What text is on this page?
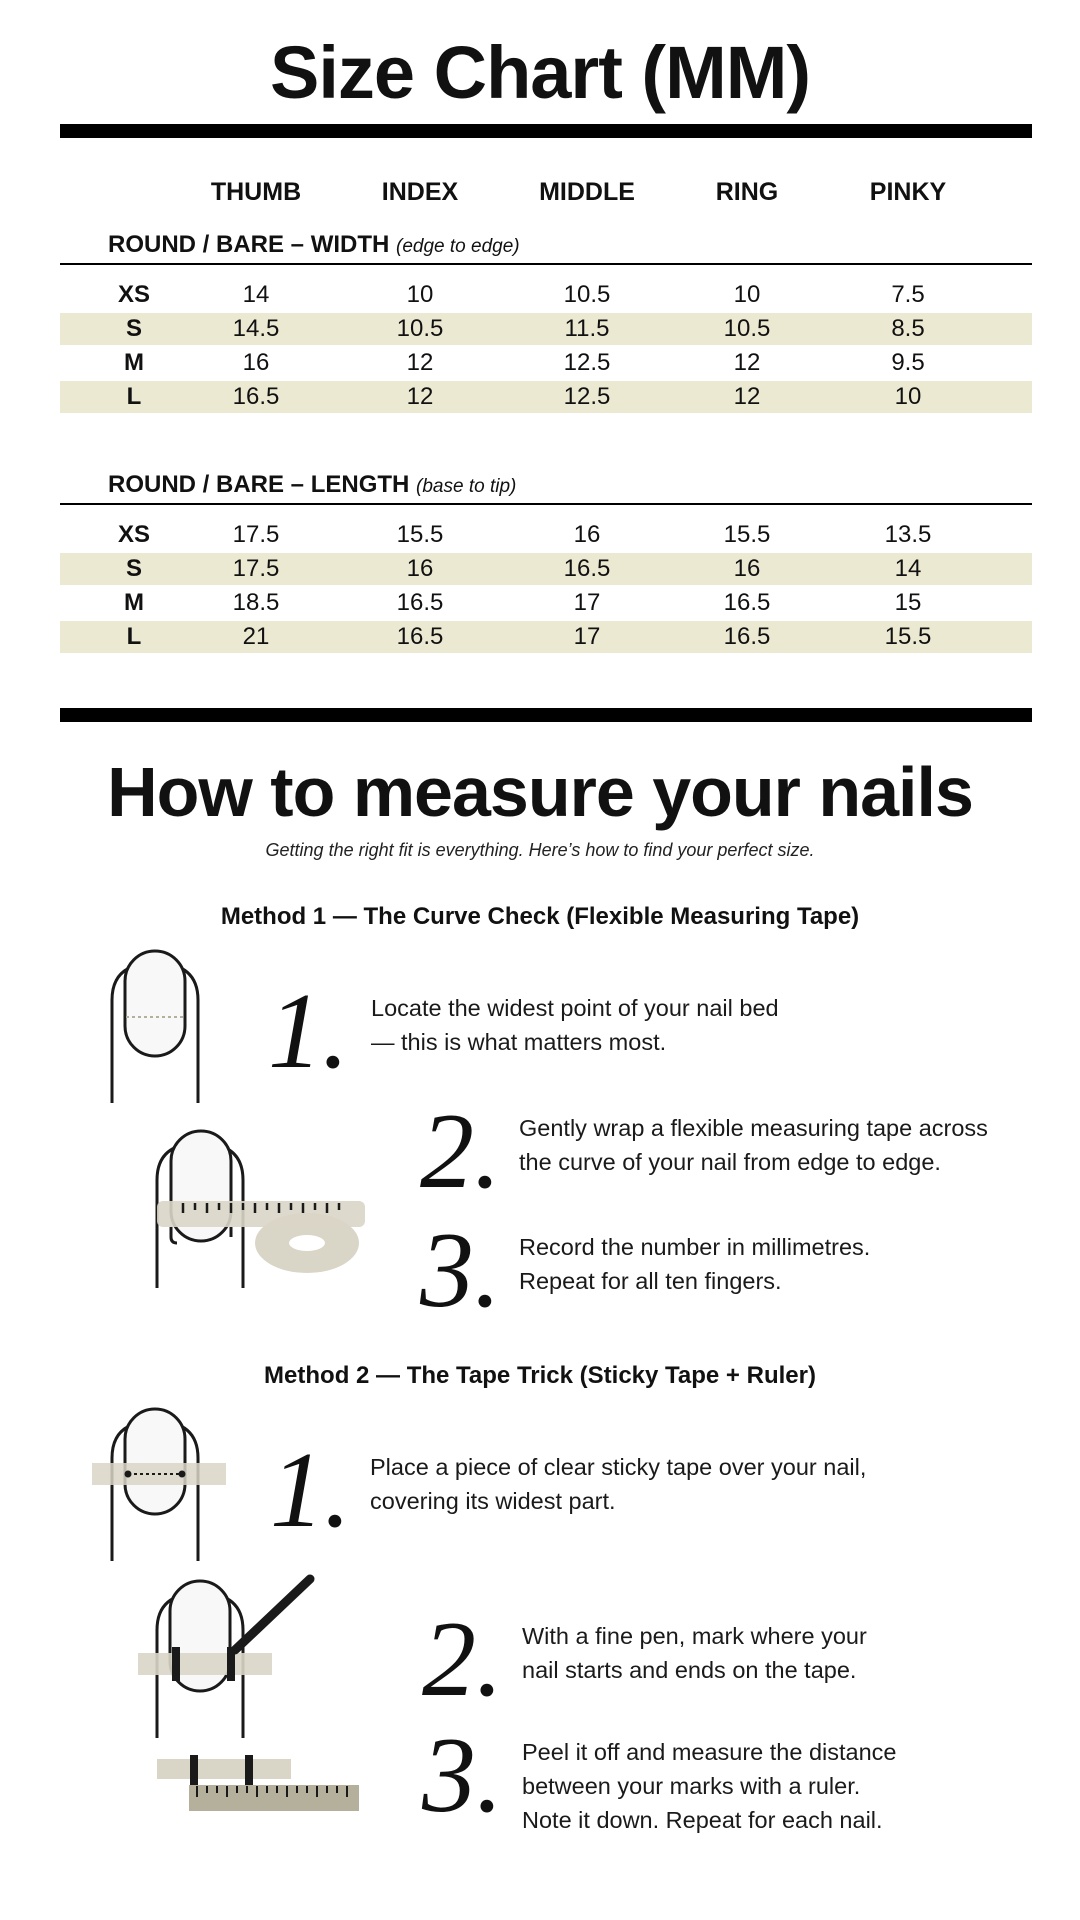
Size Chart (MM)
THUMB	INDEX	MIDDLE	RING	PINKY
ROUND / BARE – WIDTH (edge to edge)
XS	14	10	10.5	10	7.5
S	14.5	10.5	11.5	10.5	8.5
M	16	12	12.5	12	9.5
L	16.5	12	12.5	12	10
ROUND / BARE – LENGTH (base to tip)
XS	17.5	15.5	16	15.5	13.5
S	17.5	16	16.5	16	14
M	18.5	16.5	17	16.5	15
L	21	16.5	17	16.5	15.5
How to measure your nails
Getting the right fit is everything. Here’s how to find your perfect size.
Method 1 — The Curve Check (Flexible Measuring Tape)
1. Locate the widest point of your nail bed
— this is what matters most.
2. Gently wrap a flexible measuring tape across
the curve of your nail from edge to edge.
3. Record the number in millimetres.
Repeat for all ten fingers.
Method 2 — The Tape Trick (Sticky Tape + Ruler)
1. Place a piece of clear sticky tape over your nail,
covering its widest part.
2. With a fine pen, mark where your
nail starts and ends on the tape.
3. Peel it off and measure the distance
between your marks with a ruler.
Note it down. Repeat for each nail.
